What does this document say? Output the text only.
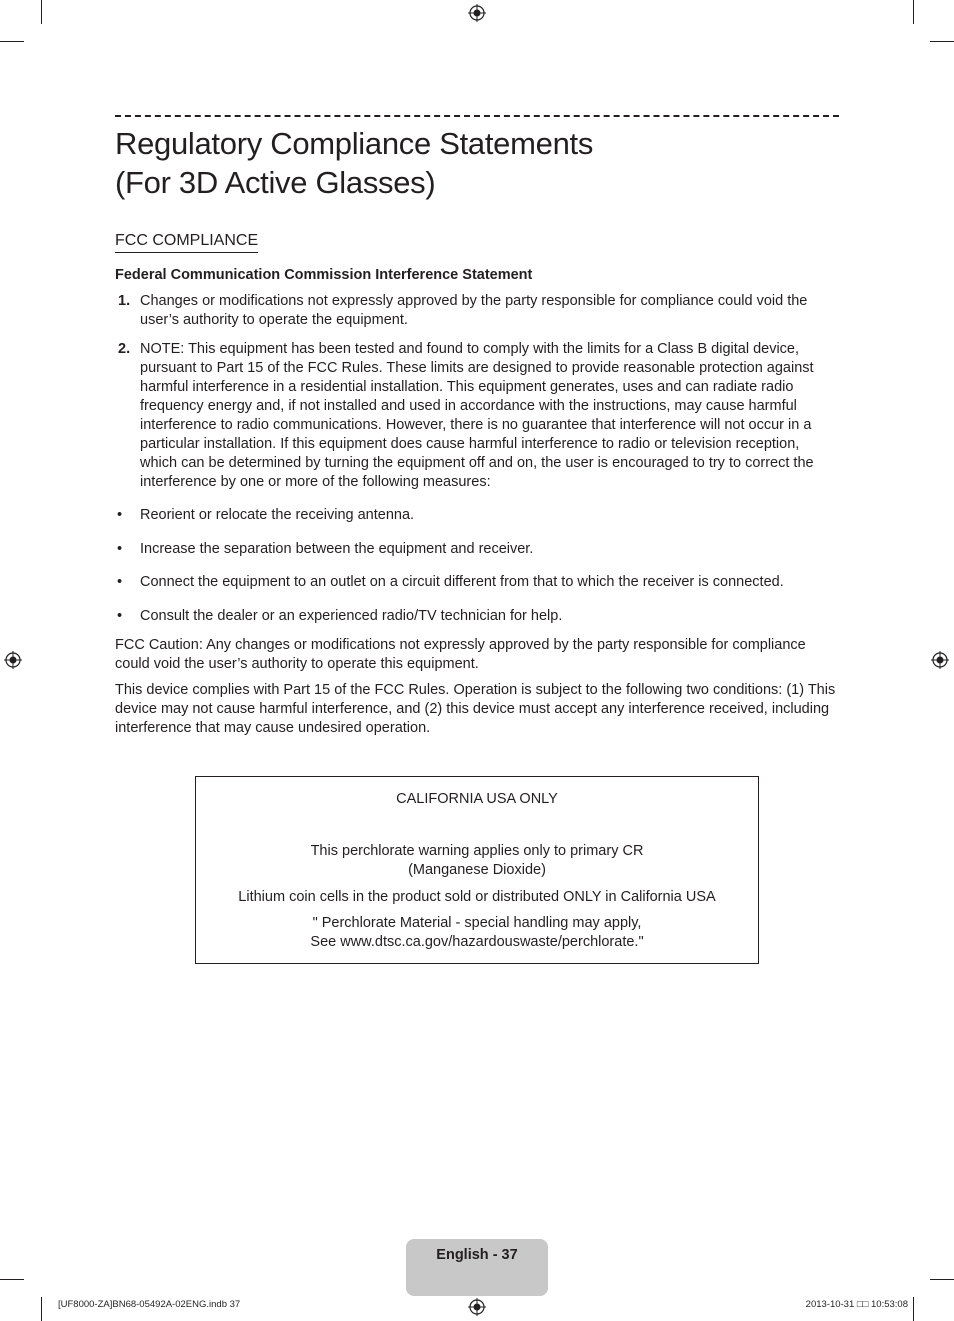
Regulatory Compliance Statements
(For 3D Active Glasses)
FCC COMPLIANCE
Federal Communication Commission Interference Statement
1. Changes or modifications not expressly approved by the party responsible for compliance could void the user’s authority to operate the equipment.
2. NOTE: This equipment has been tested and found to comply with the limits for a Class B digital device, pursuant to Part 15 of the FCC Rules. These limits are designed to provide reasonable protection against harmful interference in a residential installation. This equipment generates, uses and can radiate radio frequency energy and, if not installed and used in accordance with the instructions, may cause harmful interference to radio communications. However, there is no guarantee that interference will not occur in a particular installation. If this equipment does cause harmful interference to radio or television reception, which can be determined by turning the equipment off and on, the user is encouraged to try to correct the interference by one or more of the following measures:
• Reorient or relocate the receiving antenna.
• Increase the separation between the equipment and receiver.
• Connect the equipment to an outlet on a circuit different from that to which the receiver is connected.
• Consult the dealer or an experienced radio/TV technician for help.

FCC Caution: Any changes or modifications not expressly approved by the party responsible for compliance could void the user’s authority to operate this equipment.

This device complies with Part 15 of the FCC Rules. Operation is subject to the following two conditions: (1) This device may not cause harmful interference, and (2) this device must accept any interference received, including interference that may cause undesired operation.

CALIFORNIA USA ONLY
This perchlorate warning applies only to primary CR
(Manganese Dioxide)
Lithium coin cells in the product sold or distributed ONLY in California USA
" Perchlorate Material - special handling may apply,
See www.dtsc.ca.gov/hazardouswaste/perchlorate."
English - 37
[UF8000-ZA]BN68-05492A-02ENG.indb 37	2013-10-31 □□ 10:53:08
